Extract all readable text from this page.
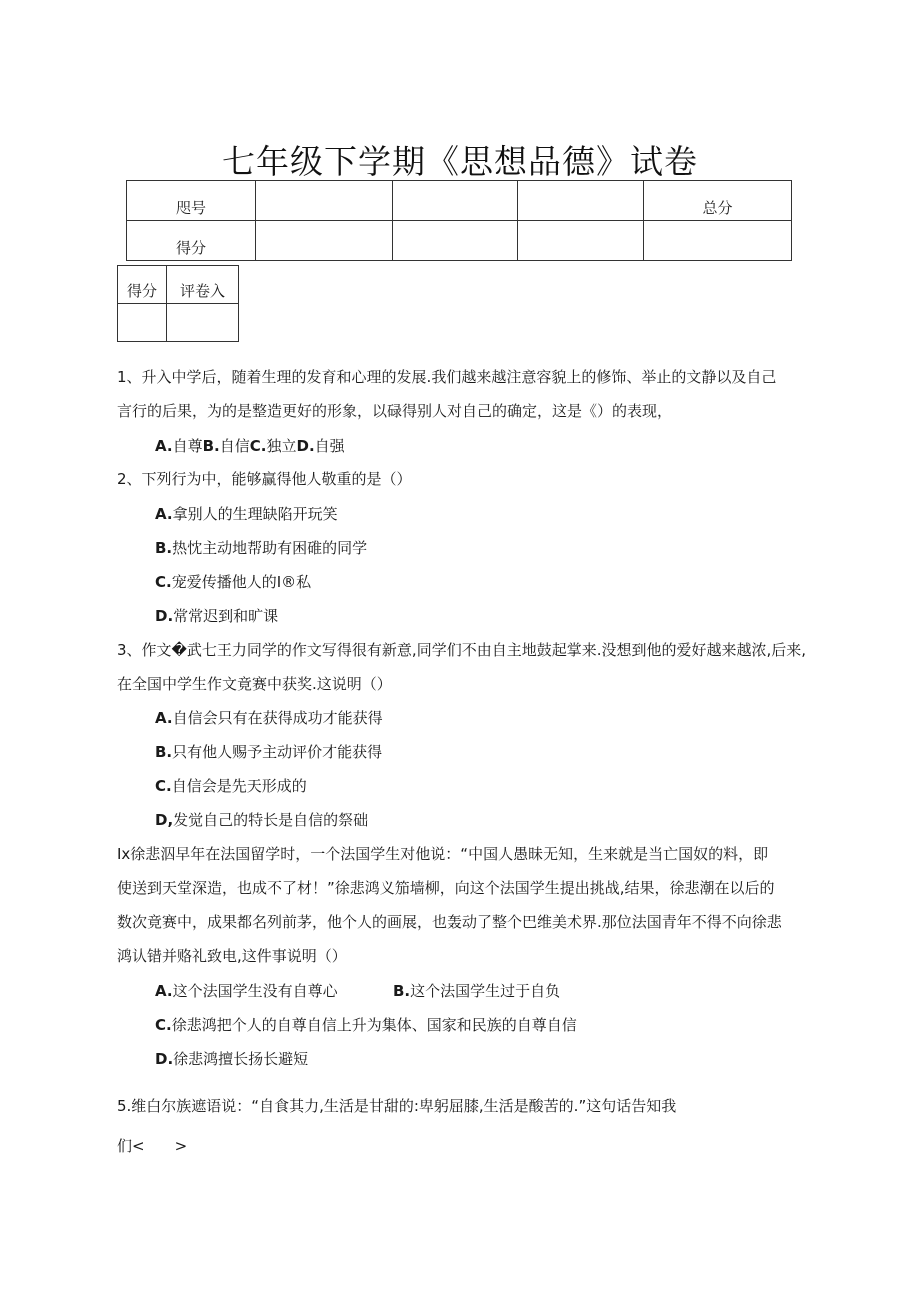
七年级下学期《思想品德》试卷
咫号				总分
得分				
得分	评卷入

1、升入中学后，随着生理的发育和心理的发展.我们越来越注意容貌上的修饰、举止的文静以及自己
言行的后果，为的是整造更好的形象，以碌得别人对自己的确定，这是《）的表现，
A.自尊B.自信C.独立D.自强
2、下列行为中，能够赢得他人敬重的是（）
A.拿别人的生理缺陷开玩笑
B.热忱主动地帮助有困碓的同学
C.宠爱传播他人的I®私
D.常常迟到和旷课
3、作文�武七王力同学的作文写得很有新意,同学们不由自主地鼓起掌来.没想到他的爱好越来越浓,后来,
在全国中学生作文竟赛中获奖.这说明（）
A.自信会只有在获得成功才能获得
B.只有他人赐予主动评价才能获得
C.自信会是先天形成的
D,发觉自己的特长是自信的祭础
Ix徐悲泅早年在法国留学时，一个法国学生对他说：“中国人愚昧无知，生来就是当亡国奴的料，即
使送到天堂深造，也成不了材！”徐悲鸿义笳墙柳，向这个法国学生提出挑战,结果，徐悲潮在以后的
数次竟赛中，成果都名列前茅，他个人的画展，也轰动了整个巴维美术界.那位法国青年不得不向徐悲
鸿认错并赂礼致电,这件事说明（）
A.这个法国学生没有自尊心	B.这个法国学生过于自负
C.徐悲鸿把个人的自尊自信上升为集体、国家和民族的自尊自信
D.徐悲鸿擅长扬长避短
5.维白尔族遮语说：“自食其力,生活是甘甜的:卑躬屈膝,生活是酸苦的.”这句话告知我
们<　　>
